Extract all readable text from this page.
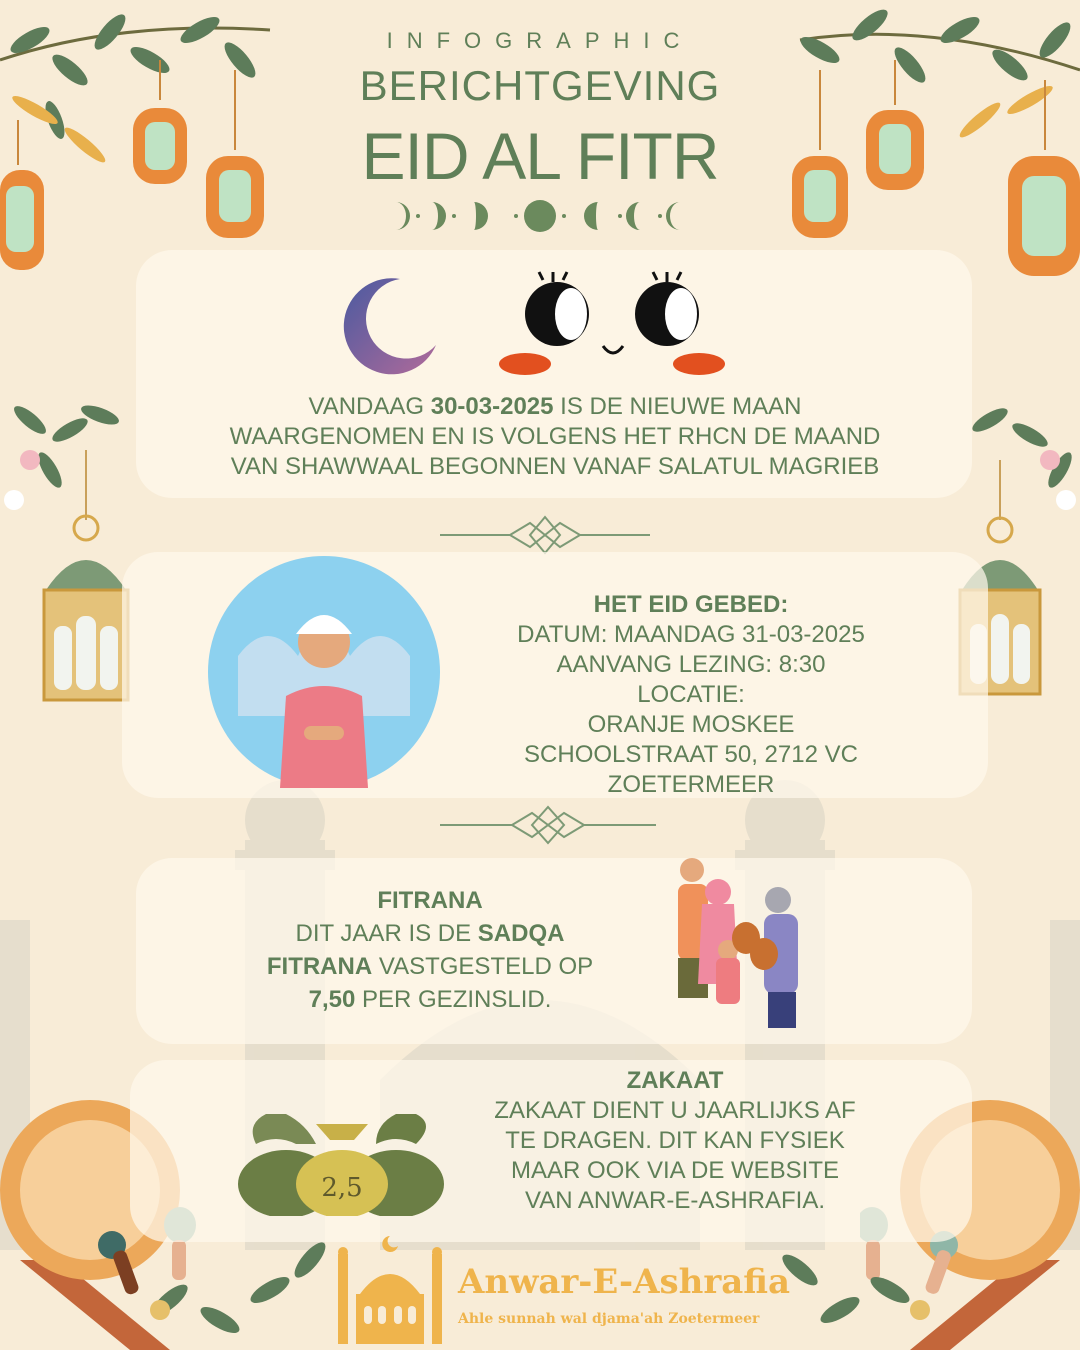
INFOGRAPHIC
BERICHTGEVING
EID AL FITR
VANDAAG 30-03-2025 IS DE NIEUWE MAAN
WAARGENOMEN EN IS VOLGENS HET RHCN DE MAAND
VAN SHAWWAAL BEGONNEN VANAF SALATUL MAGRIEB
HET EID GEBED:
DATUM: MAANDAG 31-03-2025
AANVANG LEZING: 8:30
LOCATIE:
ORANJE MOSKEE
SCHOOLSTRAAT 50, 2712 VC
ZOETERMEER
FITRANA
DIT JAAR IS DE SADQA
FITRANA VASTGESTELD OP
7,50 PER GEZINSLID.
2,5
ZAKAAT
ZAKAAT DIENT U JAARLIJKS AF
TE DRAGEN. DIT KAN FYSIEK
MAAR OOK VIA DE WEBSITE
VAN ANWAR-E-ASHRAFIA.
Anwar-E-Ashrafia
Ahle sunnah wal djama'ah Zoetermeer
